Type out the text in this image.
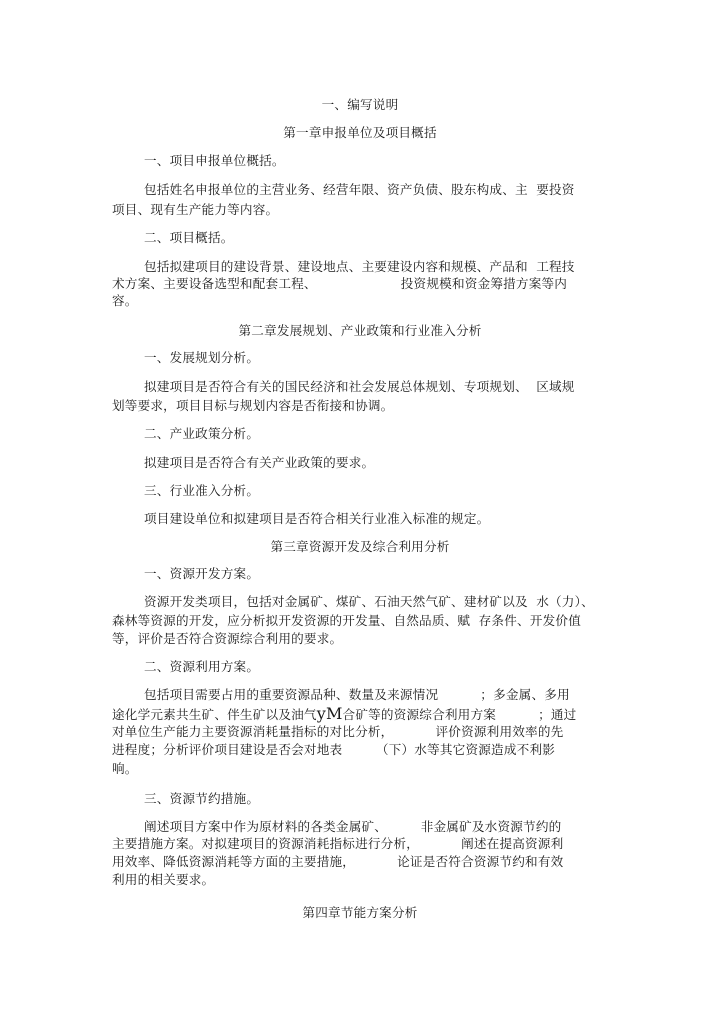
一、编写说明
第一章申报单位及项目概括
一、项目申报单位概括。
包括姓名申报单位的主营业务、经营年限、资产负债、股东构成、主  要投资
项目、现有生产能力等内容。
二、项目概括。
包括拟建项目的建设背景、建设地点、主要建设内容和规模、产品和  工程技
术方案、主要设备选型和配套工程、                    投资规模和资金筹措方案等内
容。
第二章发展规划、产业政策和行业准入分析
一、发展规划分析。
拟建项目是否符合有关的国民经济和社会发展总体规划、专项规划、  区域规
划等要求，项目目标与规划内容是否衔接和协调。
二、产业政策分析。
拟建项目是否符合有关产业政策的要求。
三、行业准入分析。
项目建设单位和拟建项目是否符合相关行业准入标准的规定。
第三章资源开发及综合利用分析
一、资源开发方案。
资源开发类项目，包括对金属矿、煤矿、石油天然气矿、建材矿以及  水（力）、
森林等资源的开发，应分析拟开发资源的开发量、自然品质、赋  存条件、开发价值
等，评价是否符合资源综合利用的要求。
二、资源利用方案。
包括项目需要占用的重要资源品种、数量及来源情况          ；多金属、多用
途化学元素共生矿、伴生矿以及油气yM合矿等的资源综合利用方案          ；通过
对单位生产能力主要资源消耗量指标的对比分析，          评价资源利用效率的先
进程度；分析评价项目建设是否会对地表        （下）水等其它资源造成不利影
响。
三、资源节约措施。
阐述项目方案中作为原材料的各类金属矿、        非金属矿及水资源节约的
主要措施方案。对拟建项目的资源消耗指标进行分析，          阐述在提高资源利
用效率、降低资源消耗等方面的主要措施，          论证是否符合资源节约和有效
利用的相关要求。
第四章节能方案分析
